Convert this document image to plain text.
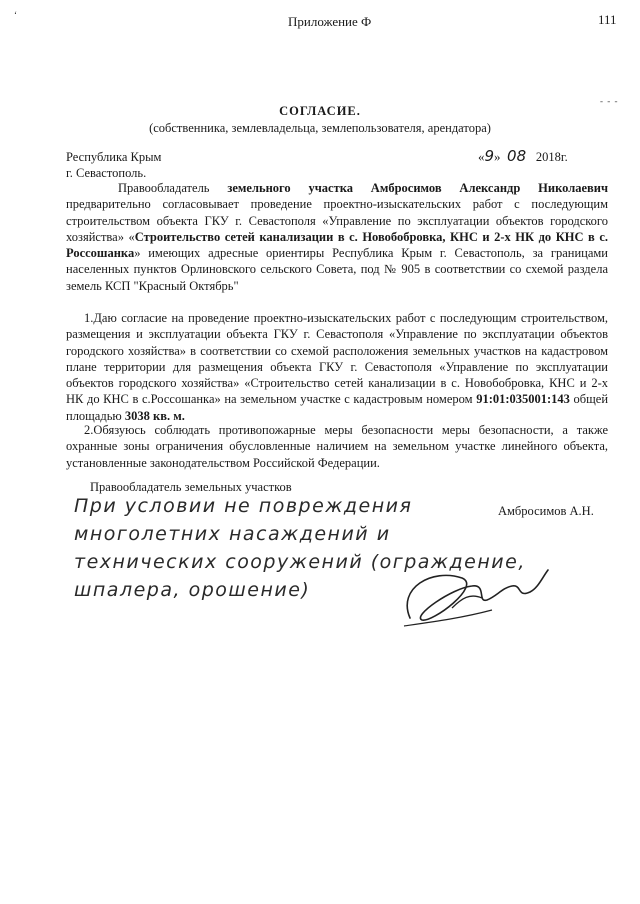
‘	Приложение Ф	111
- - -
СОГЛАСИЕ.
(собственника, землевладельца, землепользователя, арендатора)
Республика Крым
г. Севастополь.
«9» 08 2018г.

Правообладатель земельного участка Амбросимов Александр Николаевич предварительно согласовывает проведение проектно-изыскательских работ с последующим строительством объекта ГКУ г. Севастополя «Управление по эксплуатации объектов городского хозяйства» «Строительство сетей канализации в с. Новобобровка, КНС и 2-х НК до КНС в с. Россошанка» имеющих адресные ориентиры Республика Крым г. Севастополь, за границами населенных пунктов Орлиновского сельского Совета, под № 905 в соответствии со схемой раздела земель КСП "Красный Октябрь"

1.Даю согласие на проведение проектно-изыскательских работ с последующим строительством, размещения и эксплуатации объекта ГКУ г. Севастополя «Управление по эксплуатации объектов городского хозяйства» в соответствии со схемой расположения земельных участков на кадастровом плане территории для размещения объекта ГКУ г. Севастополя «Управление по эксплуатации объектов городского хозяйства» «Строительство сетей канализации в с. Новобобровка, КНС и 2-х НК до КНС в с.Россошанка» на земельном участке с кадастровым номером 91:01:035001:143 общей площадью 3038 кв. м.

2.Обязуюсь соблюдать противопожарные меры безопасности меры безопасности, а также охранные зоны ограничения обусловленные наличием на земельном участке линейного объекта, установленные законодательством Российской Федерации.

Правообладатель земельных участков
Амбросимов А.Н.
При условии не повреждения
многолетних насаждений и
технических сооружений (ограждение,
шпалера, орошение)
